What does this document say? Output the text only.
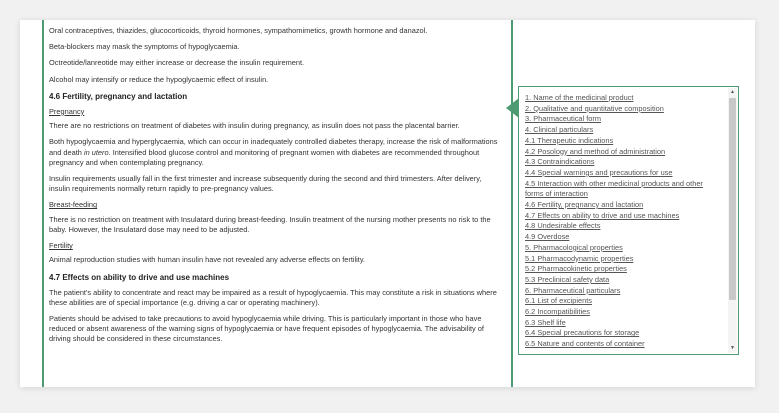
Oral contraceptives, thiazides, glucocorticoids, thyroid hormones, sympathomimetics, growth hormone and danazol.

Beta-blockers may mask the symptoms of hypoglycaemia.

Octreotide/lanreotide may either increase or decrease the insulin requirement.

Alcohol may intensify or reduce the hypoglycaemic effect of insulin.

4.6 Fertility, pregnancy and lactation

Pregnancy

There are no restrictions on treatment of diabetes with insulin during pregnancy, as insulin does not pass the placental barrier.

Both hypoglycaemia and hyperglycaemia, which can occur in inadequately controlled diabetes therapy, increase the risk of malformations and death in utero. Intensified blood glucose control and monitoring of pregnant women with diabetes are recommended throughout pregnancy and when contemplating pregnancy.

Insulin requirements usually fall in the first trimester and increase subsequently during the second and third trimesters. After delivery, insulin requirements normally return rapidly to pre-pregnancy values.

Breast-feeding

There is no restriction on treatment with Insulatard during breast-feeding. Insulin treatment of the nursing mother presents no risk to the baby. However, the Insulatard dose may need to be adjusted.

Fertility

Animal reproduction studies with human insulin have not revealed any adverse effects on fertility.

4.7 Effects on ability to drive and use machines

The patient's ability to concentrate and react may be impaired as a result of hypoglycaemia. This may constitute a risk in situations where these abilities are of special importance (e.g. driving a car or operating machinery).

Patients should be advised to take precautions to avoid hypoglycaemia while driving. This is particularly important in those who have reduced or absent awareness of the warning signs of hypoglycaemia or have frequent episodes of hypoglycaemia. The advisability of driving should be considered in these circumstances.

1. Name of the medicinal product
2. Qualitative and quantitative composition
3. Pharmaceutical form
4. Clinical particulars
4.1 Therapeutic indications
4.2 Posology and method of administration
4.3 Contraindications
4.4 Special warnings and precautions for use
4.5 Interaction with other medicinal products and other forms of interaction
4.6 Fertility, pregnancy and lactation
4.7 Effects on ability to drive and use machines
4.8 Undesirable effects
4.9 Overdose
5. Pharmacological properties
5.1 Pharmacodynamic properties
5.2 Pharmacokinetic properties
5.3 Preclinical safety data
6. Pharmaceutical particulars
6.1 List of excipients
6.2 Incompatibilities
6.3 Shelf life
6.4 Special precautions for storage
6.5 Nature and contents of container
▲
▼
